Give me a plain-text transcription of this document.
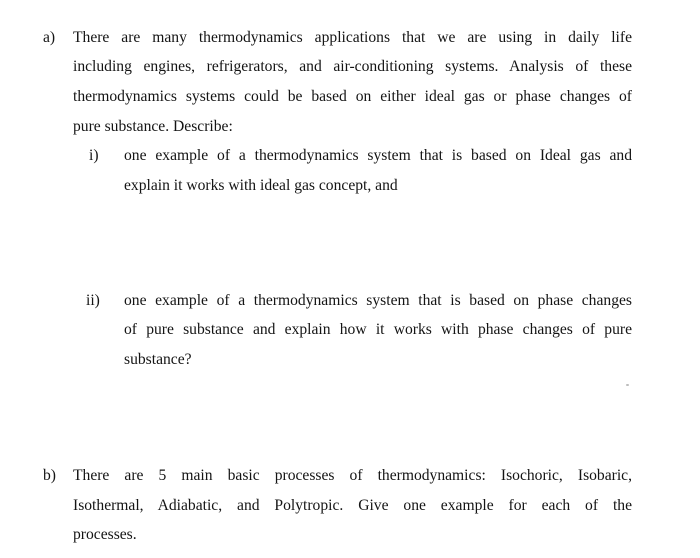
a) There are many thermodynamics applications that we are using in daily life
including engines, refrigerators, and air-conditioning systems. Analysis of these
thermodynamics systems could be based on either ideal gas or phase changes of
pure substance. Describe:
i) one example of a thermodynamics system that is based on Ideal gas and
explain it works with ideal gas concept, and
ii) one example of a thermodynamics system that is based on phase changes
of pure substance and explain how it works with phase changes of pure
substance?
b) There are 5 main basic processes of thermodynamics: Isochoric, Isobaric,
Isothermal, Adiabatic, and Polytropic. Give one example for each of the
processes.
